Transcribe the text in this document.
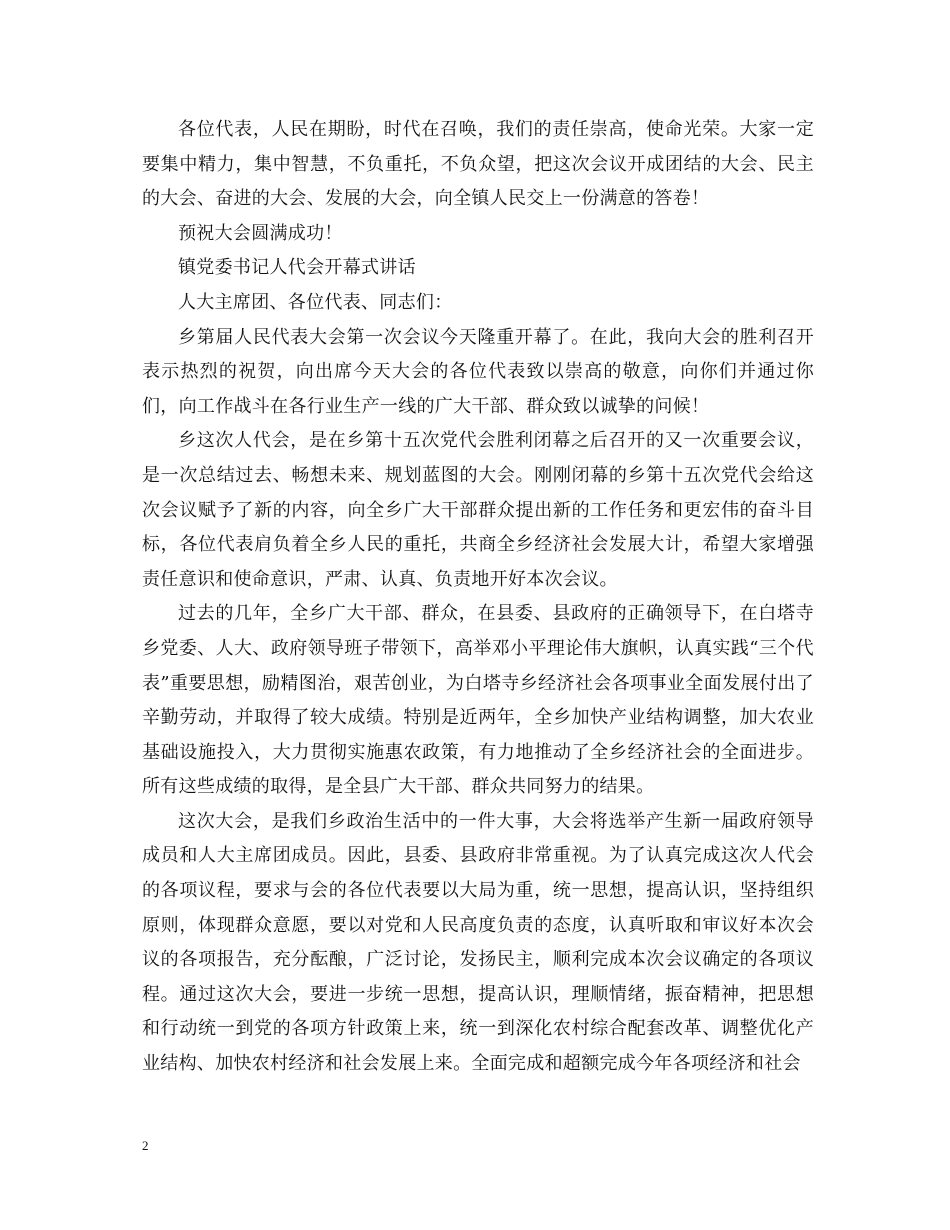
各位代表，人民在期盼，时代在召唤，我们的责任崇高，使命光荣。大家一定要集中精力，集中智慧，不负重托，不负众望，把这次会议开成团结的大会、民主的大会、奋进的大会、发展的大会，向全镇人民交上一份满意的答卷！

预祝大会圆满成功！

镇党委书记人代会开幕式讲话

人大主席团、各位代表、同志们：

乡第届人民代表大会第一次会议今天隆重开幕了。在此，我向大会的胜利召开表示热烈的祝贺，向出席今天大会的各位代表致以崇高的敬意，向你们并通过你们，向工作战斗在各行业生产一线的广大干部、群众致以诚挚的问候！

乡这次人代会，是在乡第十五次党代会胜利闭幕之后召开的又一次重要会议，是一次总结过去、畅想未来、规划蓝图的大会。刚刚闭幕的乡第十五次党代会给这次会议赋予了新的内容，向全乡广大干部群众提出新的工作任务和更宏伟的奋斗目标，各位代表肩负着全乡人民的重托，共商全乡经济社会发展大计，希望大家增强责任意识和使命意识，严肃、认真、负责地开好本次会议。

过去的几年，全乡广大干部、群众，在县委、县政府的正确领导下，在白塔寺乡党委、人大、政府领导班子带领下，高举邓小平理论伟大旗帜，认真实践“三个代表”重要思想，励精图治，艰苦创业，为白塔寺乡经济社会各项事业全面发展付出了辛勤劳动，并取得了较大成绩。特别是近两年，全乡加快产业结构调整，加大农业基础设施投入，大力贯彻实施惠农政策，有力地推动了全乡经济社会的全面进步。所有这些成绩的取得，是全县广大干部、群众共同努力的结果。

这次大会，是我们乡政治生活中的一件大事，大会将选举产生新一届政府领导成员和人大主席团成员。因此，县委、县政府非常重视。为了认真完成这次人代会的各项议程，要求与会的各位代表要以大局为重，统一思想，提高认识，坚持组织原则，体现群众意愿，要以对党和人民高度负责的态度，认真听取和审议好本次会议的各项报告，充分酝酿，广泛讨论，发扬民主，顺利完成本次会议确定的各项议程。通过这次大会，要进一步统一思想，提高认识，理顺情绪，振奋精神，把思想和行动统一到党的各项方针政策上来，统一到深化农村综合配套改革、调整优化产业结构、加快农村经济和社会发展上来。全面完成和超额完成今年各项经济和社会

2
